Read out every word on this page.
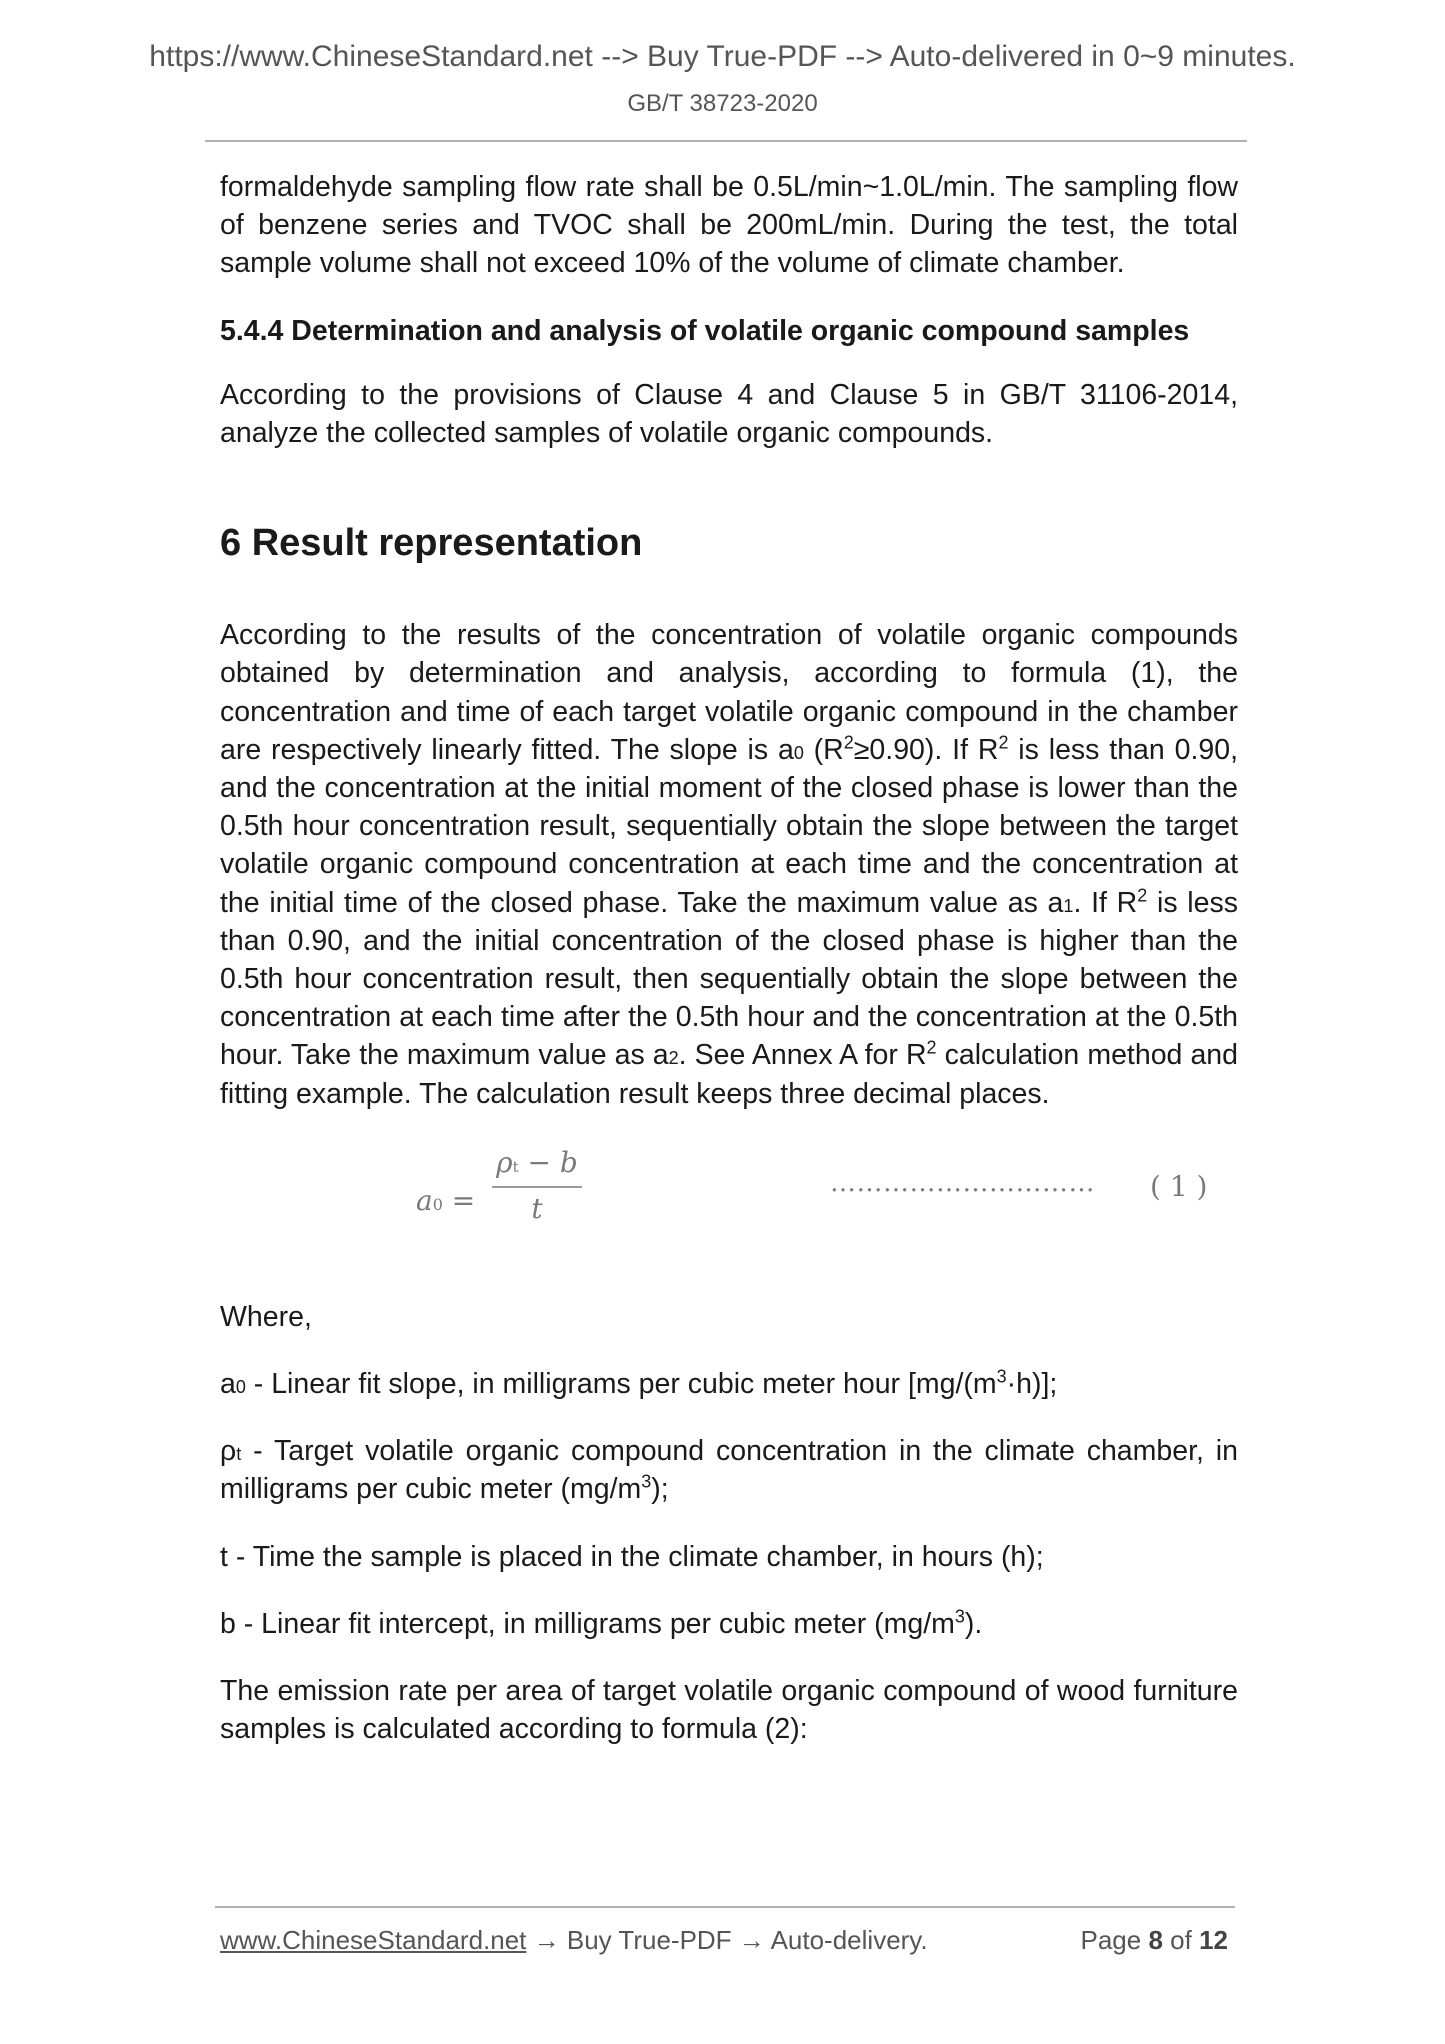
https://www.ChineseStandard.net --> Buy True-PDF --> Auto-delivered in 0~9 minutes.
GB/T 38723-2020

formaldehyde sampling flow rate shall be 0.5L/min~1.0L/min. The sampling flow of benzene series and TVOC shall be 200mL/min. During the test, the total sample volume shall not exceed 10% of the volume of climate chamber.

5.4.4 Determination and analysis of volatile organic compound samples

According to the provisions of Clause 4 and Clause 5 in GB/T 31106-2014, analyze the collected samples of volatile organic compounds.

6 Result representation

According to the results of the concentration of volatile organic compounds obtained by determination and analysis, according to formula (1), the concentration and time of each target volatile organic compound in the chamber are respectively linearly fitted. The slope is a0 $(R^2\ge 0.90)$. If $R^2$ is less than 0.90, and the concentration at the initial moment of the closed phase is lower than the 0.5th hour concentration result, sequentially obtain the slope between the target volatile organic compound concentration at each time and the concentration at the initial time of the closed phase. Take the maximum value as a1. If $R^2$ is less than 0.90, and the initial concentration of the closed phase is higher than the 0.5th hour concentration result, then sequentially obtain the slope between the concentration at each time after the 0.5th hour and the concentration at the 0.5th hour. Take the maximum value as a2. See Annex A for $R^2$ calculation method and fitting example. The calculation result keeps three decimal places.

a0 =
ρt − b
t
………………………… ( 1 )

Where,

a0 - Linear fit slope, in milligrams per cubic meter hour $[mg/(m^3\cdot h)]$;

ρt - Target volatile organic compound concentration in the climate chamber, in milligrams per cubic meter $(mg/m^3)$;

t - Time the sample is placed in the climate chamber, in hours (h);

b - Linear fit intercept, in milligrams per cubic meter $(mg/m^3)$.

The emission rate per area of target volatile organic compound of wood furniture samples is calculated according to formula (2):

www.ChineseStandard.net → Buy True-PDF → Auto-delivery.	Page 8 of 12
